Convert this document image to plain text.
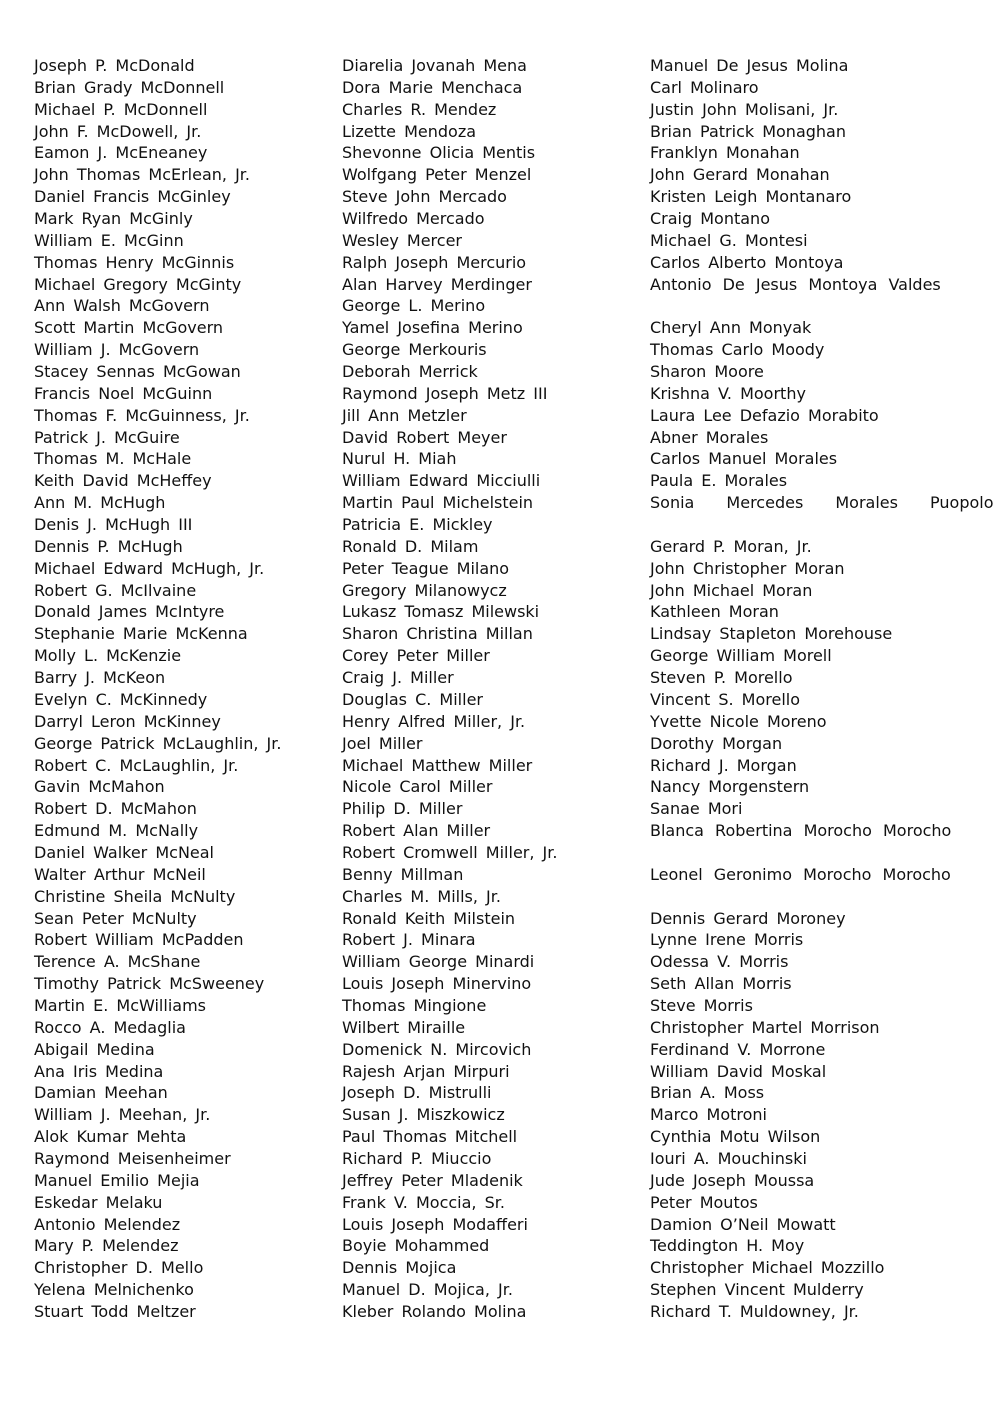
Joseph P. McDonald
Brian Grady McDonnell
Michael P. McDonnell
John F. McDowell, Jr.
Eamon J. McEneaney
John Thomas McErlean, Jr.
Daniel Francis McGinley
Mark Ryan McGinly
William E. McGinn
Thomas Henry McGinnis
Michael Gregory McGinty
Ann Walsh McGovern
Scott Martin McGovern
William J. McGovern
Stacey Sennas McGowan
Francis Noel McGuinn
Thomas F. McGuinness, Jr.
Patrick J. McGuire
Thomas M. McHale
Keith David McHeffey
Ann M. McHugh
Denis J. McHugh III
Dennis P. McHugh
Michael Edward McHugh, Jr.
Robert G. McIlvaine
Donald James McIntyre
Stephanie Marie McKenna
Molly L. McKenzie
Barry J. McKeon
Evelyn C. McKinnedy
Darryl Leron McKinney
George Patrick McLaughlin, Jr.
Robert C. McLaughlin, Jr.
Gavin McMahon
Robert D. McMahon
Edmund M. McNally
Daniel Walker McNeal
Walter Arthur McNeil
Christine Sheila McNulty
Sean Peter McNulty
Robert William McPadden
Terence A. McShane
Timothy Patrick McSweeney
Martin E. McWilliams
Rocco A. Medaglia
Abigail Medina
Ana Iris Medina
Damian Meehan
William J. Meehan, Jr.
Alok Kumar Mehta
Raymond Meisenheimer
Manuel Emilio Mejia
Eskedar Melaku
Antonio Melendez
Mary P. Melendez
Christopher D. Mello
Yelena Melnichenko
Stuart Todd Meltzer
Diarelia Jovanah Mena
Dora Marie Menchaca
Charles R. Mendez
Lizette Mendoza
Shevonne Olicia Mentis
Wolfgang Peter Menzel
Steve John Mercado
Wilfredo Mercado
Wesley Mercer
Ralph Joseph Mercurio
Alan Harvey Merdinger
George L. Merino
Yamel Josefina Merino
George Merkouris
Deborah Merrick
Raymond Joseph Metz III
Jill Ann Metzler
David Robert Meyer
Nurul H. Miah
William Edward Micciulli
Martin Paul Michelstein
Patricia E. Mickley
Ronald D. Milam
Peter Teague Milano
Gregory Milanowycz
Lukasz Tomasz Milewski
Sharon Christina Millan
Corey Peter Miller
Craig J. Miller
Douglas C. Miller
Henry Alfred Miller, Jr.
Joel Miller
Michael Matthew Miller
Nicole Carol Miller
Philip D. Miller
Robert Alan Miller
Robert Cromwell Miller, Jr.
Benny Millman
Charles M. Mills, Jr.
Ronald Keith Milstein
Robert J. Minara
William George Minardi
Louis Joseph Minervino
Thomas Mingione
Wilbert Miraille
Domenick N. Mircovich
Rajesh Arjan Mirpuri
Joseph D. Mistrulli
Susan J. Miszkowicz
Paul Thomas Mitchell
Richard P. Miuccio
Jeffrey Peter Mladenik
Frank V. Moccia, Sr.
Louis Joseph Modafferi
Boyie Mohammed
Dennis Mojica
Manuel D. Mojica, Jr.
Kleber Rolando Molina
Manuel De Jesus Molina
Carl Molinaro
Justin John Molisani, Jr.
Brian Patrick Monaghan
Franklyn Monahan
John Gerard Monahan
Kristen Leigh Montanaro
Craig Montano
Michael G. Montesi
Carlos Alberto Montoya
Antonio De Jesus Montoya Valdes
Cheryl Ann Monyak
Thomas Carlo Moody
Sharon Moore
Krishna V. Moorthy
Laura Lee Defazio Morabito
Abner Morales
Carlos Manuel Morales
Paula E. Morales
Sonia Mercedes Morales Puopolo
Gerard P. Moran, Jr.
John Christopher Moran
John Michael Moran
Kathleen Moran
Lindsay Stapleton Morehouse
George William Morell
Steven P. Morello
Vincent S. Morello
Yvette Nicole Moreno
Dorothy Morgan
Richard J. Morgan
Nancy Morgenstern
Sanae Mori
Blanca Robertina Morocho Morocho
Leonel Geronimo Morocho Morocho
Dennis Gerard Moroney
Lynne Irene Morris
Odessa V. Morris
Seth Allan Morris
Steve Morris
Christopher Martel Morrison
Ferdinand V. Morrone
William David Moskal
Brian A. Moss
Marco Motroni
Cynthia Motu Wilson
Iouri A. Mouchinski
Jude Joseph Moussa
Peter Moutos
Damion O’Neil Mowatt
Teddington H. Moy
Christopher Michael Mozzillo
Stephen Vincent Mulderry
Richard T. Muldowney, Jr.
